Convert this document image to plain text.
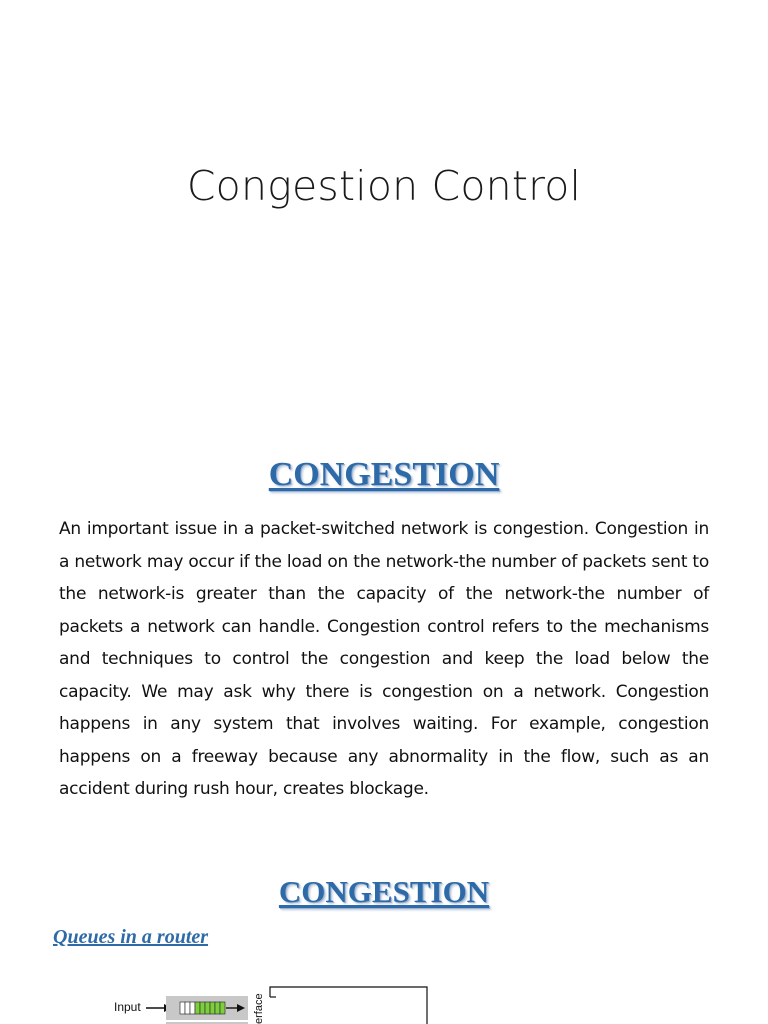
Congestion Control
CONGESTION

An important issue in a packet-switched network is congestion. Congestion in a network may occur if the load on the network-the number of packets sent to the network-is greater than the capacity of the network-the number of packets a network can handle. Congestion control refers to the mechanisms and techniques to control the congestion and keep the load below the capacity. We may ask why there is congestion on a network. Congestion happens in any system that involves waiting. For example, congestion happens on a freeway because any abnormality in the flow, such as an accident during rush hour, creates blockage.

CONGESTION

Queues in a router

Input	erface
